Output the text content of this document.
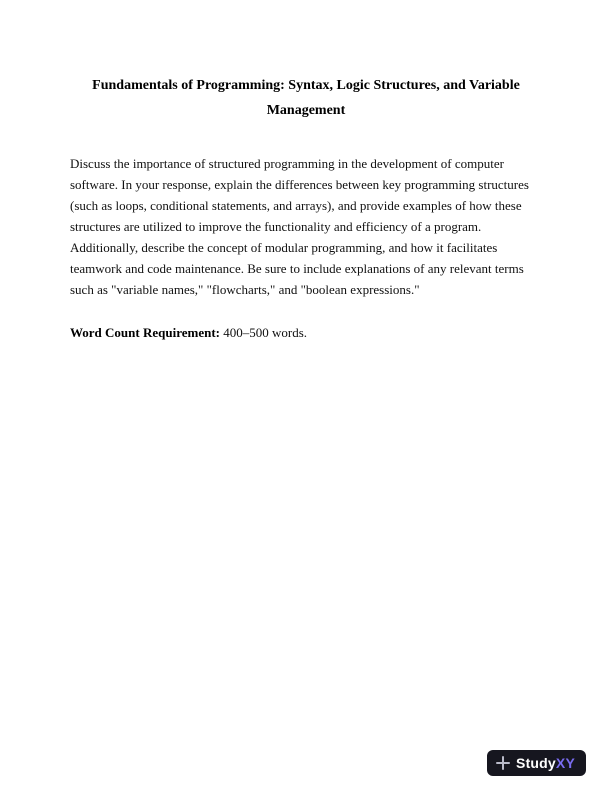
Fundamentals of Programming: Syntax, Logic Structures, and Variable Management

Discuss the importance of structured programming in the development of computer software. In your response, explain the differences between key programming structures (such as loops, conditional statements, and arrays), and provide examples of how these structures are utilized to improve the functionality and efficiency of a program. Additionally, describe the concept of modular programming, and how it facilitates teamwork and code maintenance. Be sure to include explanations of any relevant terms such as "variable names," "flowcharts," and "boolean expressions."

Word Count Requirement: 400–500 words.

StudyXY
